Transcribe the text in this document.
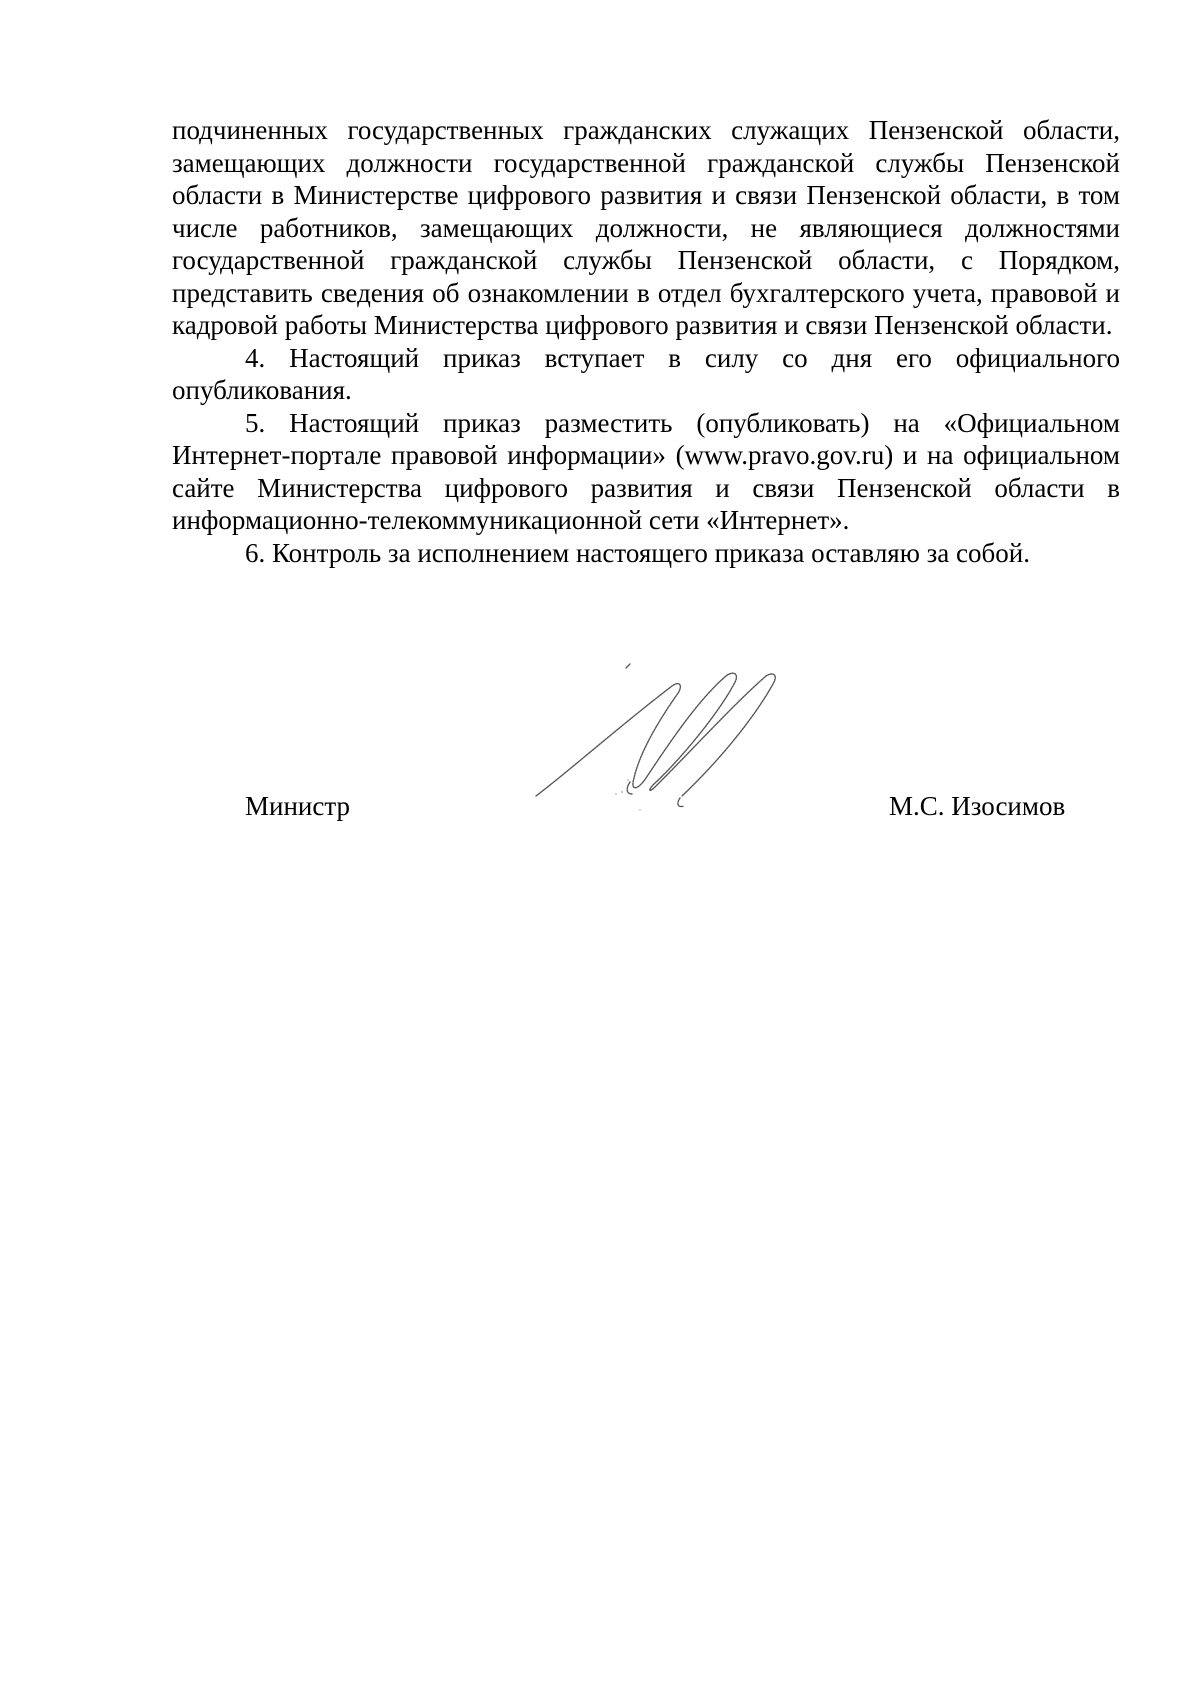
подчиненных государственных гражданских служащих Пензенской области, замещающих должности государственной гражданской службы Пензенской области в Министерстве цифрового развития и связи Пензенской области, в том числе работников, замещающих должности, не являющиеся должностями государственной гражданской службы Пензенской области, с Порядком, представить сведения об ознакомлении в отдел бухгалтерского учета, правовой и кадровой работы Министерства цифрового развития и связи Пензенской области.

4. Настоящий приказ вступает в силу со дня его официального опубликования.

5. Настоящий приказ разместить (опубликовать) на «Официальном Интернет-портале правовой информации» (www.pravo.gov.ru) и на официальном сайте Министерства цифрового развития и связи Пензенской области в информационно-телекоммуникационной сети «Интернет».

6. Контроль за исполнением настоящего приказа оставляю за собой.

Министр	М.С. Изосимов
